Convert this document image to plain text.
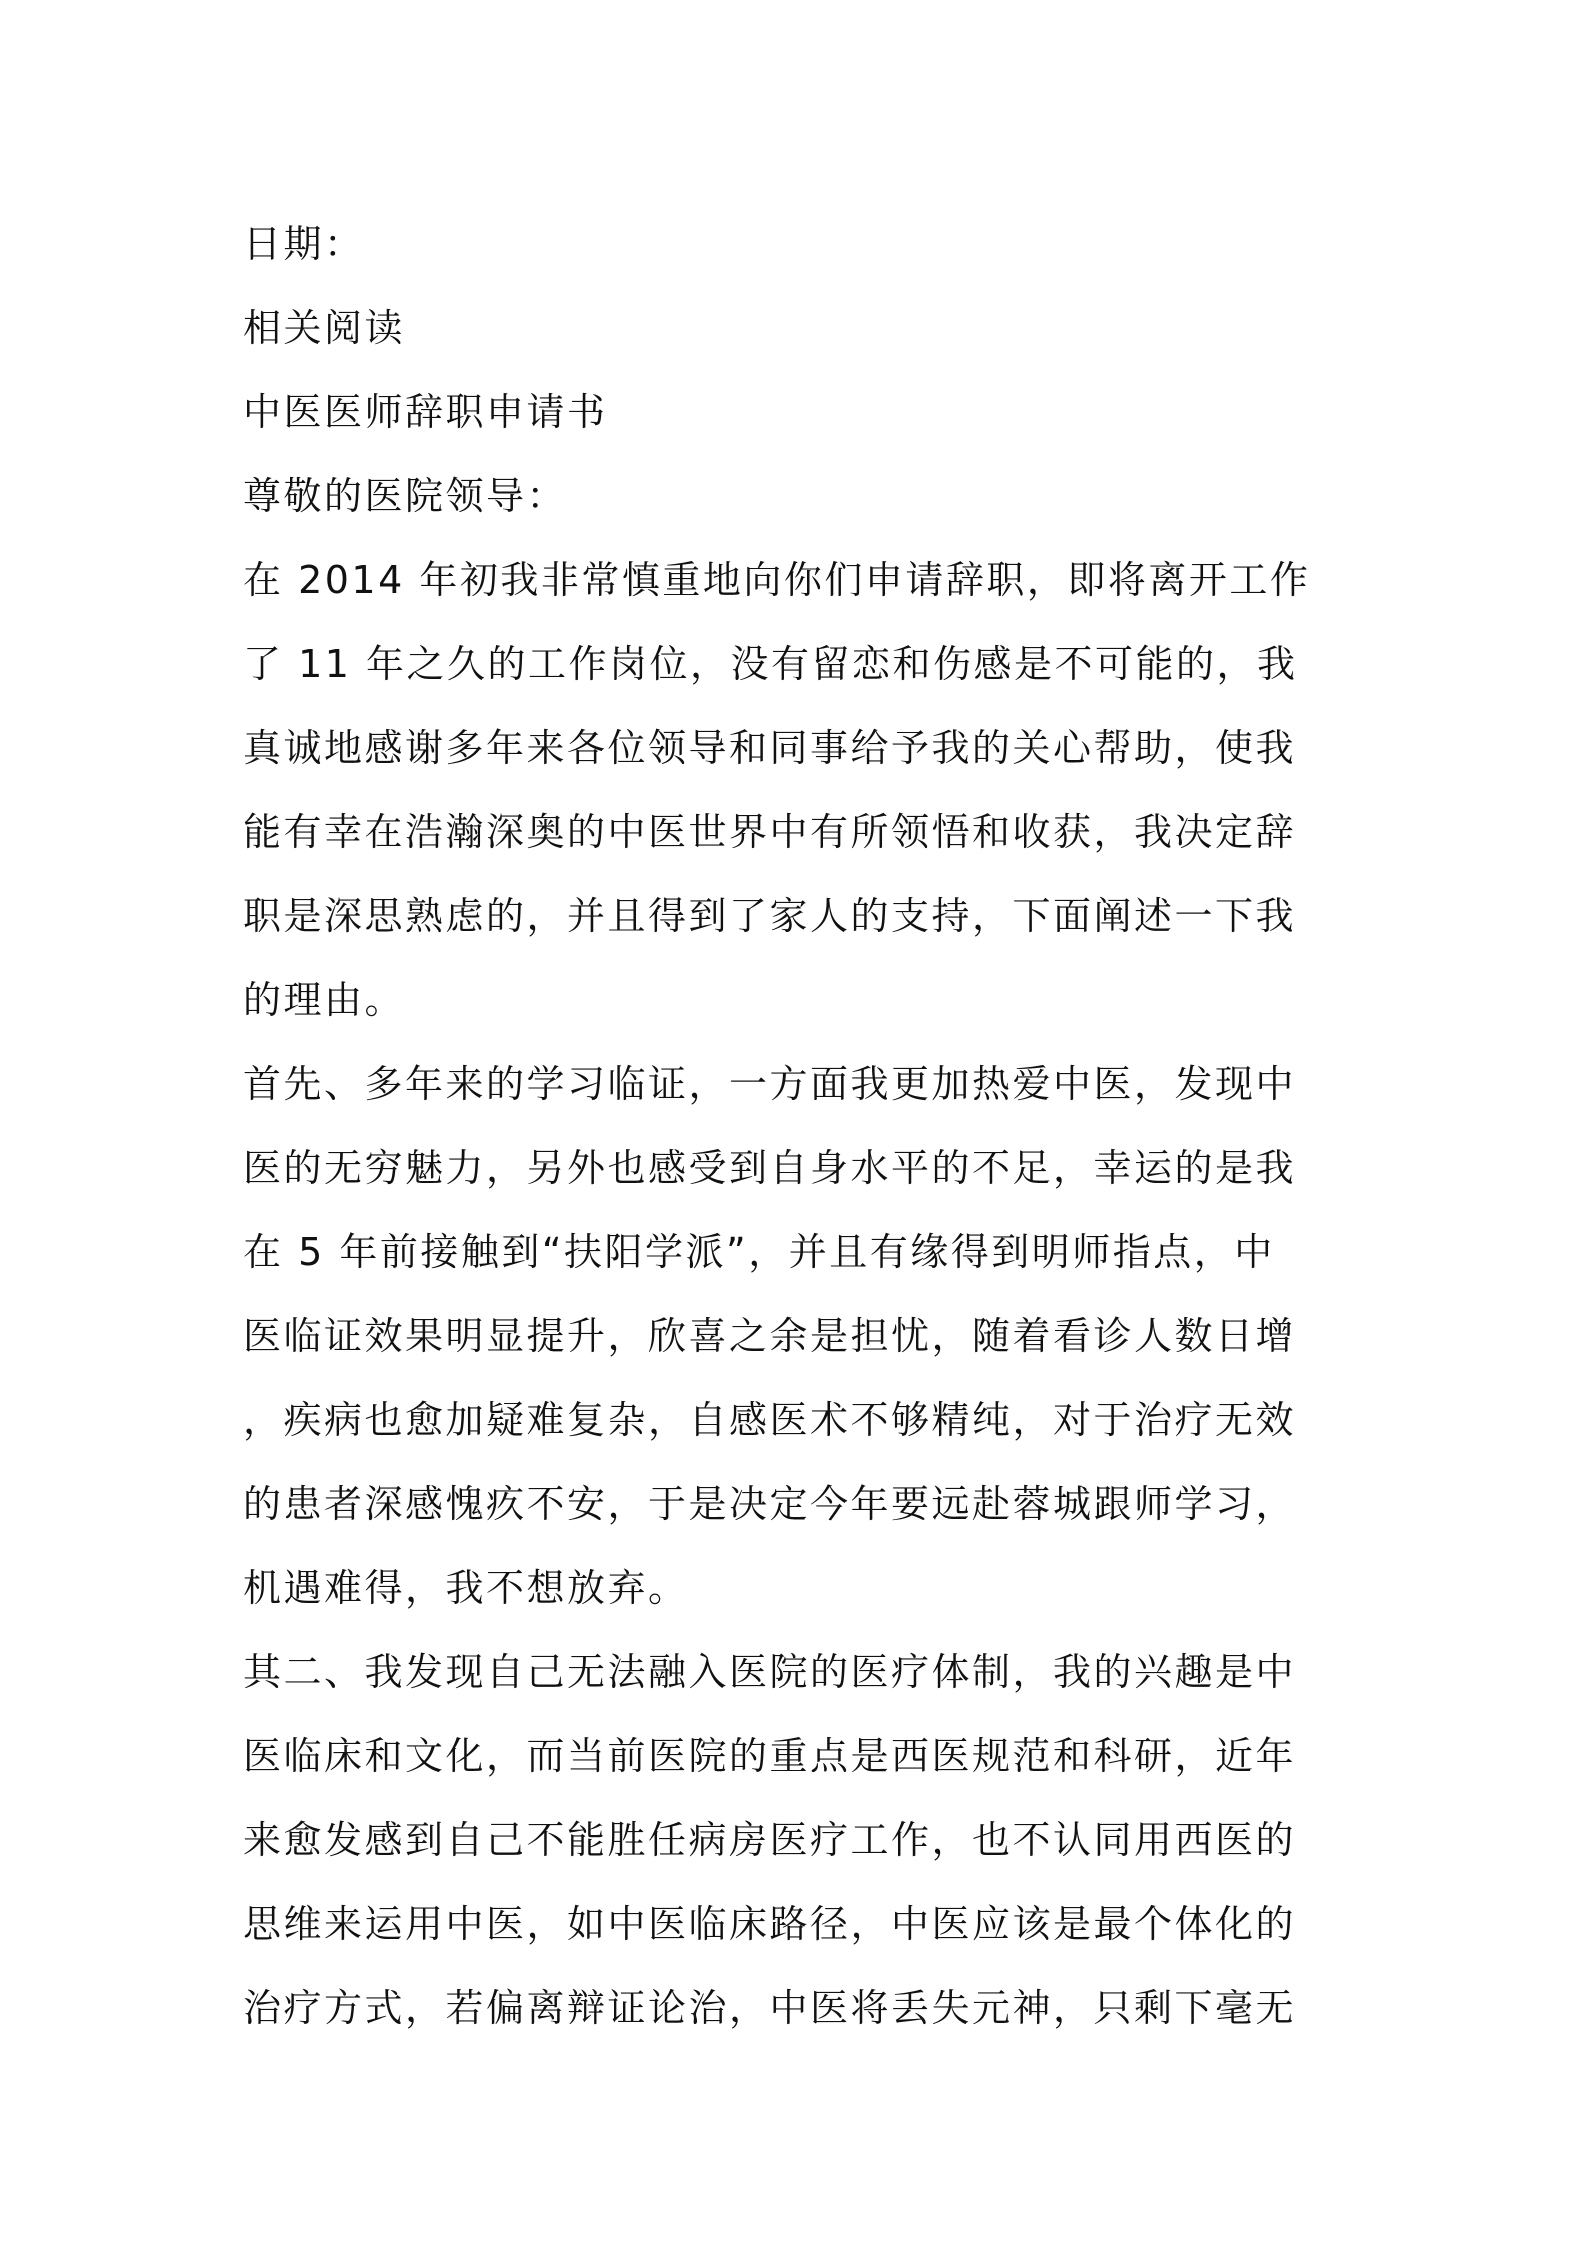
日期：
相关阅读
中医医师辞职申请书
尊敬的医院领导：
在 2014 年初我非常慎重地向你们申请辞职，即将离开工作
了 11 年之久的工作岗位，没有留恋和伤感是不可能的，我
真诚地感谢多年来各位领导和同事给予我的关心帮助，使我
能有幸在浩瀚深奥的中医世界中有所领悟和收获，我决定辞
职是深思熟虑的，并且得到了家人的支持，下面阐述一下我
的理由。
首先、多年来的学习临证，一方面我更加热爱中医，发现中
医的无穷魅力，另外也感受到自身水平的不足，幸运的是我
在 5 年前接触到“扶阳学派”，并且有缘得到明师指点，中
医临证效果明显提升，欣喜之余是担忧，随着看诊人数日增
，疾病也愈加疑难复杂，自感医术不够精纯，对于治疗无效
的患者深感愧疚不安，于是决定今年要远赴蓉城跟师学习，
机遇难得，我不想放弃。
其二、我发现自己无法融入医院的医疗体制，我的兴趣是中
医临床和文化，而当前医院的重点是西医规范和科研，近年
来愈发感到自己不能胜任病房医疗工作，也不认同用西医的
思维来运用中医，如中医临床路径，中医应该是最个体化的
治疗方式，若偏离辩证论治，中医将丢失元神，只剩下毫无
